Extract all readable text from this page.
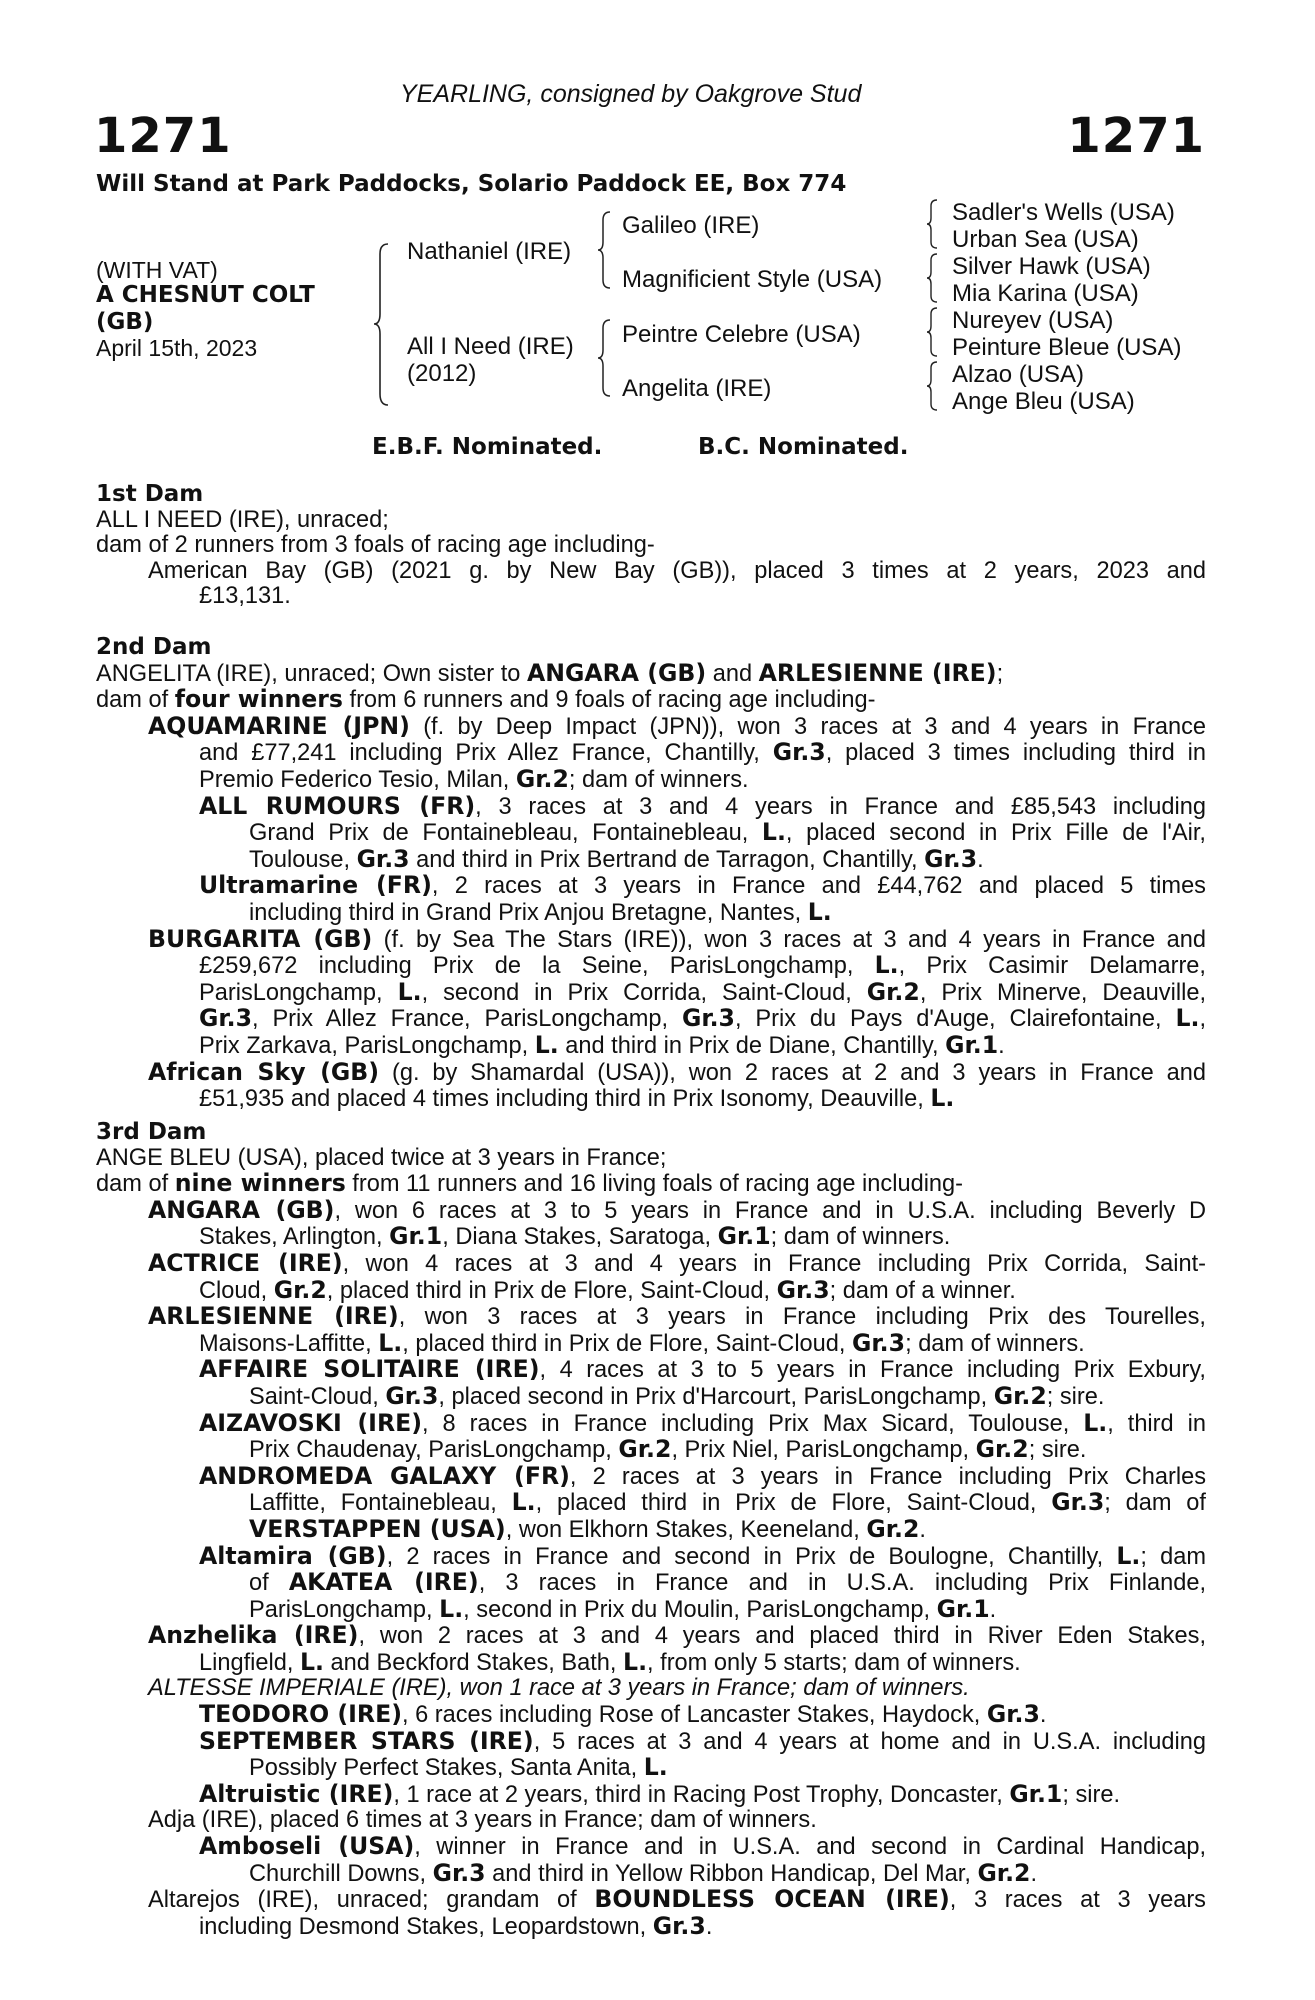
YEARLING, consigned by Oakgrove Stud
1271	1271
Will Stand at Park Paddocks, Solario Paddock EE, Box 774
(WITH VAT)
A CHESNUT COLT
(GB)
April 15th, 2023
Nathaniel (IRE)
All I Need (IRE)
(2012)
Galileo (IRE)
Magnificient Style (USA)
Peintre Celebre (USA)
Angelita (IRE)
Sadler's Wells (USA)
Urban Sea (USA)
Silver Hawk (USA)
Mia Karina (USA)
Nureyev (USA)
Peinture Bleue (USA)
Alzao (USA)
Ange Bleu (USA)
E.B.F. Nominated.	B.C. Nominated.
1st Dam
ALL I NEED (IRE), unraced;
dam of 2 runners from 3 foals of racing age including-
American Bay (GB) (2021 g. by New Bay (GB)), placed 3 times at 2 years, 2023 and
£13,131.
2nd Dam
ANGELITA (IRE), unraced; Own sister to ANGARA (GB) and ARLESIENNE (IRE);
dam of four winners from 6 runners and 9 foals of racing age including-
AQUAMARINE (JPN) (f. by Deep Impact (JPN)), won 3 races at 3 and 4 years in France
and £77,241 including Prix Allez France, Chantilly, Gr.3, placed 3 times including third in
Premio Federico Tesio, Milan, Gr.2; dam of winners.
ALL RUMOURS (FR), 3 races at 3 and 4 years in France and £85,543 including
Grand Prix de Fontainebleau, Fontainebleau, L., placed second in Prix Fille de l'Air,
Toulouse, Gr.3 and third in Prix Bertrand de Tarragon, Chantilly, Gr.3.
Ultramarine (FR), 2 races at 3 years in France and £44,762 and placed 5 times
including third in Grand Prix Anjou Bretagne, Nantes, L.
BURGARITA (GB) (f. by Sea The Stars (IRE)), won 3 races at 3 and 4 years in France and
£259,672 including Prix de la Seine, ParisLongchamp, L., Prix Casimir Delamarre,
ParisLongchamp, L., second in Prix Corrida, Saint-Cloud, Gr.2, Prix Minerve, Deauville,
Gr.3, Prix Allez France, ParisLongchamp, Gr.3, Prix du Pays d'Auge, Clairefontaine, L.,
Prix Zarkava, ParisLongchamp, L. and third in Prix de Diane, Chantilly, Gr.1.
African Sky (GB) (g. by Shamardal (USA)), won 2 races at 2 and 3 years in France and
£51,935 and placed 4 times including third in Prix Isonomy, Deauville, L.
3rd Dam
ANGE BLEU (USA), placed twice at 3 years in France;
dam of nine winners from 11 runners and 16 living foals of racing age including-
ANGARA (GB), won 6 races at 3 to 5 years in France and in U.S.A. including Beverly D
Stakes, Arlington, Gr.1, Diana Stakes, Saratoga, Gr.1; dam of winners.
ACTRICE (IRE), won 4 races at 3 and 4 years in France including Prix Corrida, Saint-
Cloud, Gr.2, placed third in Prix de Flore, Saint-Cloud, Gr.3; dam of a winner.
ARLESIENNE (IRE), won 3 races at 3 years in France including Prix des Tourelles,
Maisons-Laffitte, L., placed third in Prix de Flore, Saint-Cloud, Gr.3; dam of winners.
AFFAIRE SOLITAIRE (IRE), 4 races at 3 to 5 years in France including Prix Exbury,
Saint-Cloud, Gr.3, placed second in Prix d'Harcourt, ParisLongchamp, Gr.2; sire.
AIZAVOSKI (IRE), 8 races in France including Prix Max Sicard, Toulouse, L., third in
Prix Chaudenay, ParisLongchamp, Gr.2, Prix Niel, ParisLongchamp, Gr.2; sire.
ANDROMEDA GALAXY (FR), 2 races at 3 years in France including Prix Charles
Laffitte, Fontainebleau, L., placed third in Prix de Flore, Saint-Cloud, Gr.3; dam of
VERSTAPPEN (USA), won Elkhorn Stakes, Keeneland, Gr.2.
Altamira (GB), 2 races in France and second in Prix de Boulogne, Chantilly, L.; dam
of AKATEA (IRE), 3 races in France and in U.S.A. including Prix Finlande,
ParisLongchamp, L., second in Prix du Moulin, ParisLongchamp, Gr.1.
Anzhelika (IRE), won 2 races at 3 and 4 years and placed third in River Eden Stakes,
Lingfield, L. and Beckford Stakes, Bath, L., from only 5 starts; dam of winners.
ALTESSE IMPERIALE (IRE), won 1 race at 3 years in France; dam of winners.
TEODORO (IRE), 6 races including Rose of Lancaster Stakes, Haydock, Gr.3.
SEPTEMBER STARS (IRE), 5 races at 3 and 4 years at home and in U.S.A. including
Possibly Perfect Stakes, Santa Anita, L.
Altruistic (IRE), 1 race at 2 years, third in Racing Post Trophy, Doncaster, Gr.1; sire.
Adja (IRE), placed 6 times at 3 years in France; dam of winners.
Amboseli (USA), winner in France and in U.S.A. and second in Cardinal Handicap,
Churchill Downs, Gr.3 and third in Yellow Ribbon Handicap, Del Mar, Gr.2.
Altarejos (IRE), unraced; grandam of BOUNDLESS OCEAN (IRE), 3 races at 3 years
including Desmond Stakes, Leopardstown, Gr.3.
